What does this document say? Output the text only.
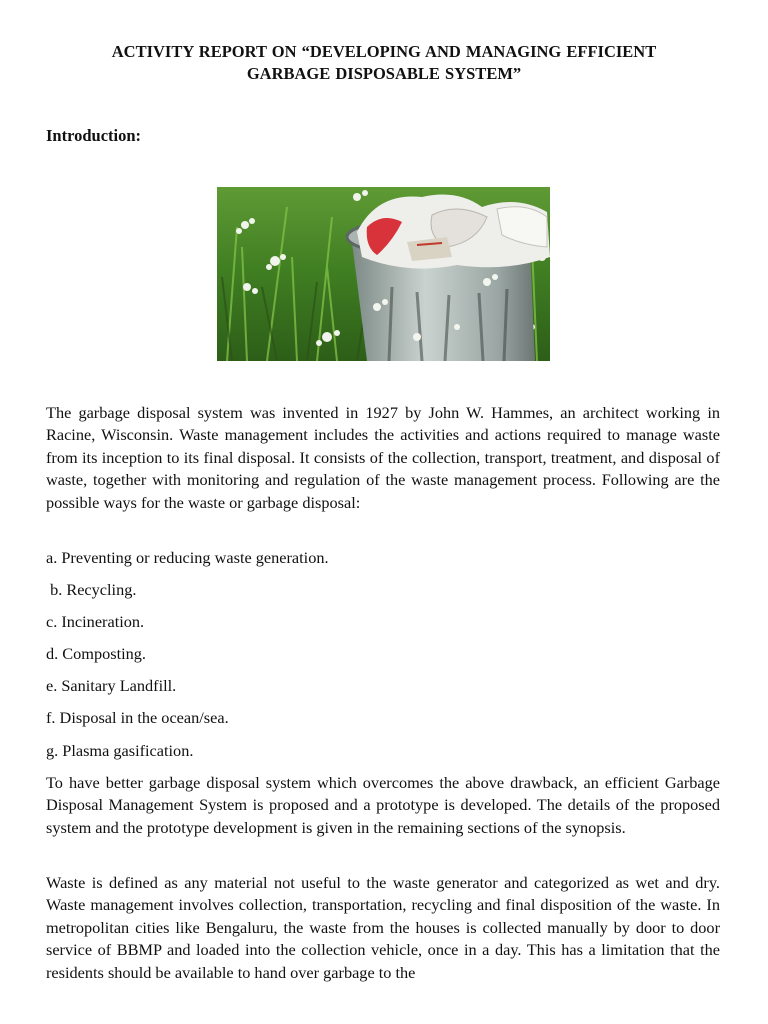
ACTIVITY REPORT ON “DEVELOPING AND MANAGING EFFICIENT
GARBAGE DISPOSABLE SYSTEM”
Introduction:

The garbage disposal system was invented in 1927 by John W. Hammes, an architect working in Racine, Wisconsin. Waste management includes the activities and actions required to manage waste from its inception to its final disposal. It consists of the collection, transport, treatment, and disposal of waste, together with monitoring and regulation of the waste management process. Following are the possible ways for the waste or garbage disposal:

a. Preventing or reducing waste generation.

b. Recycling.

c. Incineration.

d. Composting.

e. Sanitary Landfill.

f. Disposal in the ocean/sea.

g. Plasma gasification.

To have better garbage disposal system which overcomes the above drawback, an efficient Garbage Disposal Management System is proposed and a prototype is developed. The details of the proposed system and the prototype development is given in the remaining sections of the synopsis.

Waste is defined as any material not useful to the waste generator and categorized as wet and dry. Waste management involves collection, transportation, recycling and final disposition of the waste. In metropolitan cities like Bengaluru, the waste from the houses is collected manually by door to door service of BBMP and loaded into the collection vehicle, once in a day. This has a limitation that the residents should be available to hand over garbage to the
